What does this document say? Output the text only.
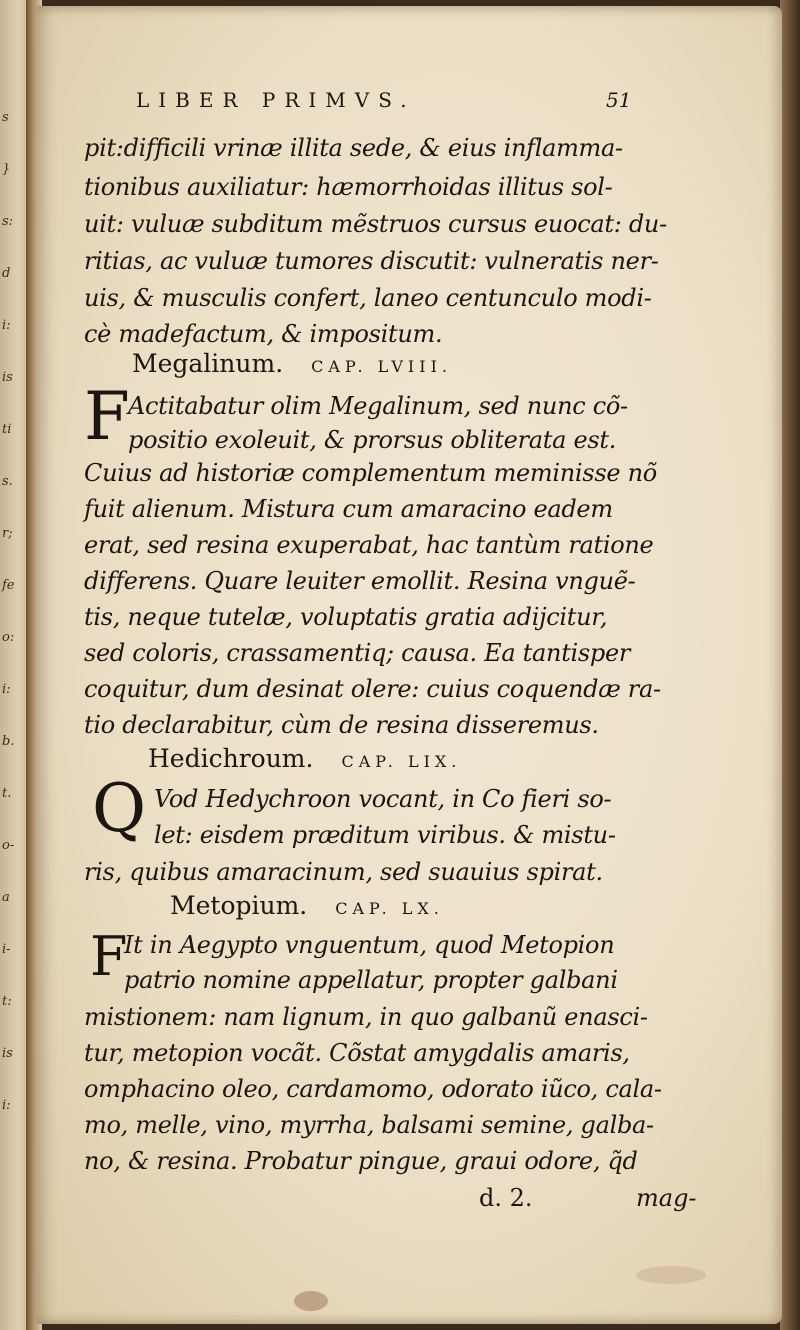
s
}
s:
d
i:
is
ti
s.
r;
fe
o:
i:
b.
t.
o-
a
i-
t:
is
i:
LIBER PRIMVS.	51
pit:difficili vrinæ illita sede, & eius inflamma-
tionibus auxiliatur: hæmorrhoidas illitus sol-
uit: vuluæ subditum mẽstruos cursus euocat: du-
ritias, ac vuluæ tumores discutit: vulneratis ner-
uis, & musculis confert, laneo centunculo modi-
cè madefactum, & impositum.
Megalinum. CAP. LVIII.
F
Actitabatur olim Megalinum, sed nunc cõ-
positio exoleuit, & prorsus obliterata est.
Cuius ad historiæ complementum meminisse nõ
fuit alienum. Mistura cum amaracino eadem
erat, sed resina exuperabat, hac tantùm ratione
differens. Quare leuiter emollit. Resina vnguẽ-
tis, neque tutelæ, voluptatis gratia adijcitur,
sed coloris, crassamentiq; causa. Ea tantisper
coquitur, dum desinat olere: cuius coquendæ ra-
tio declarabitur, cùm de resina disseremus.
Hedichroum. CAP. LIX.
Q Vod Hedychroon vocant, in Co fieri so-
let: eisdem præditum viribus. & mistu-
ris, quibus amaracinum, sed suauius spirat.
Metopium. CAP. LX.
F
It in Aegypto vnguentum, quod Metopion
patrio nomine appellatur, propter galbani
mistionem: nam lignum, in quo galbanũ enasci-
tur, metopion vocãt. Cõstat amygdalis amaris,
omphacino oleo, cardamomo, odorato iũco, cala-
mo, melle, vino, myrrha, balsami semine, galba-
no, & resina. Probatur pingue, graui odore, q̃d
d. 2.	mag-
